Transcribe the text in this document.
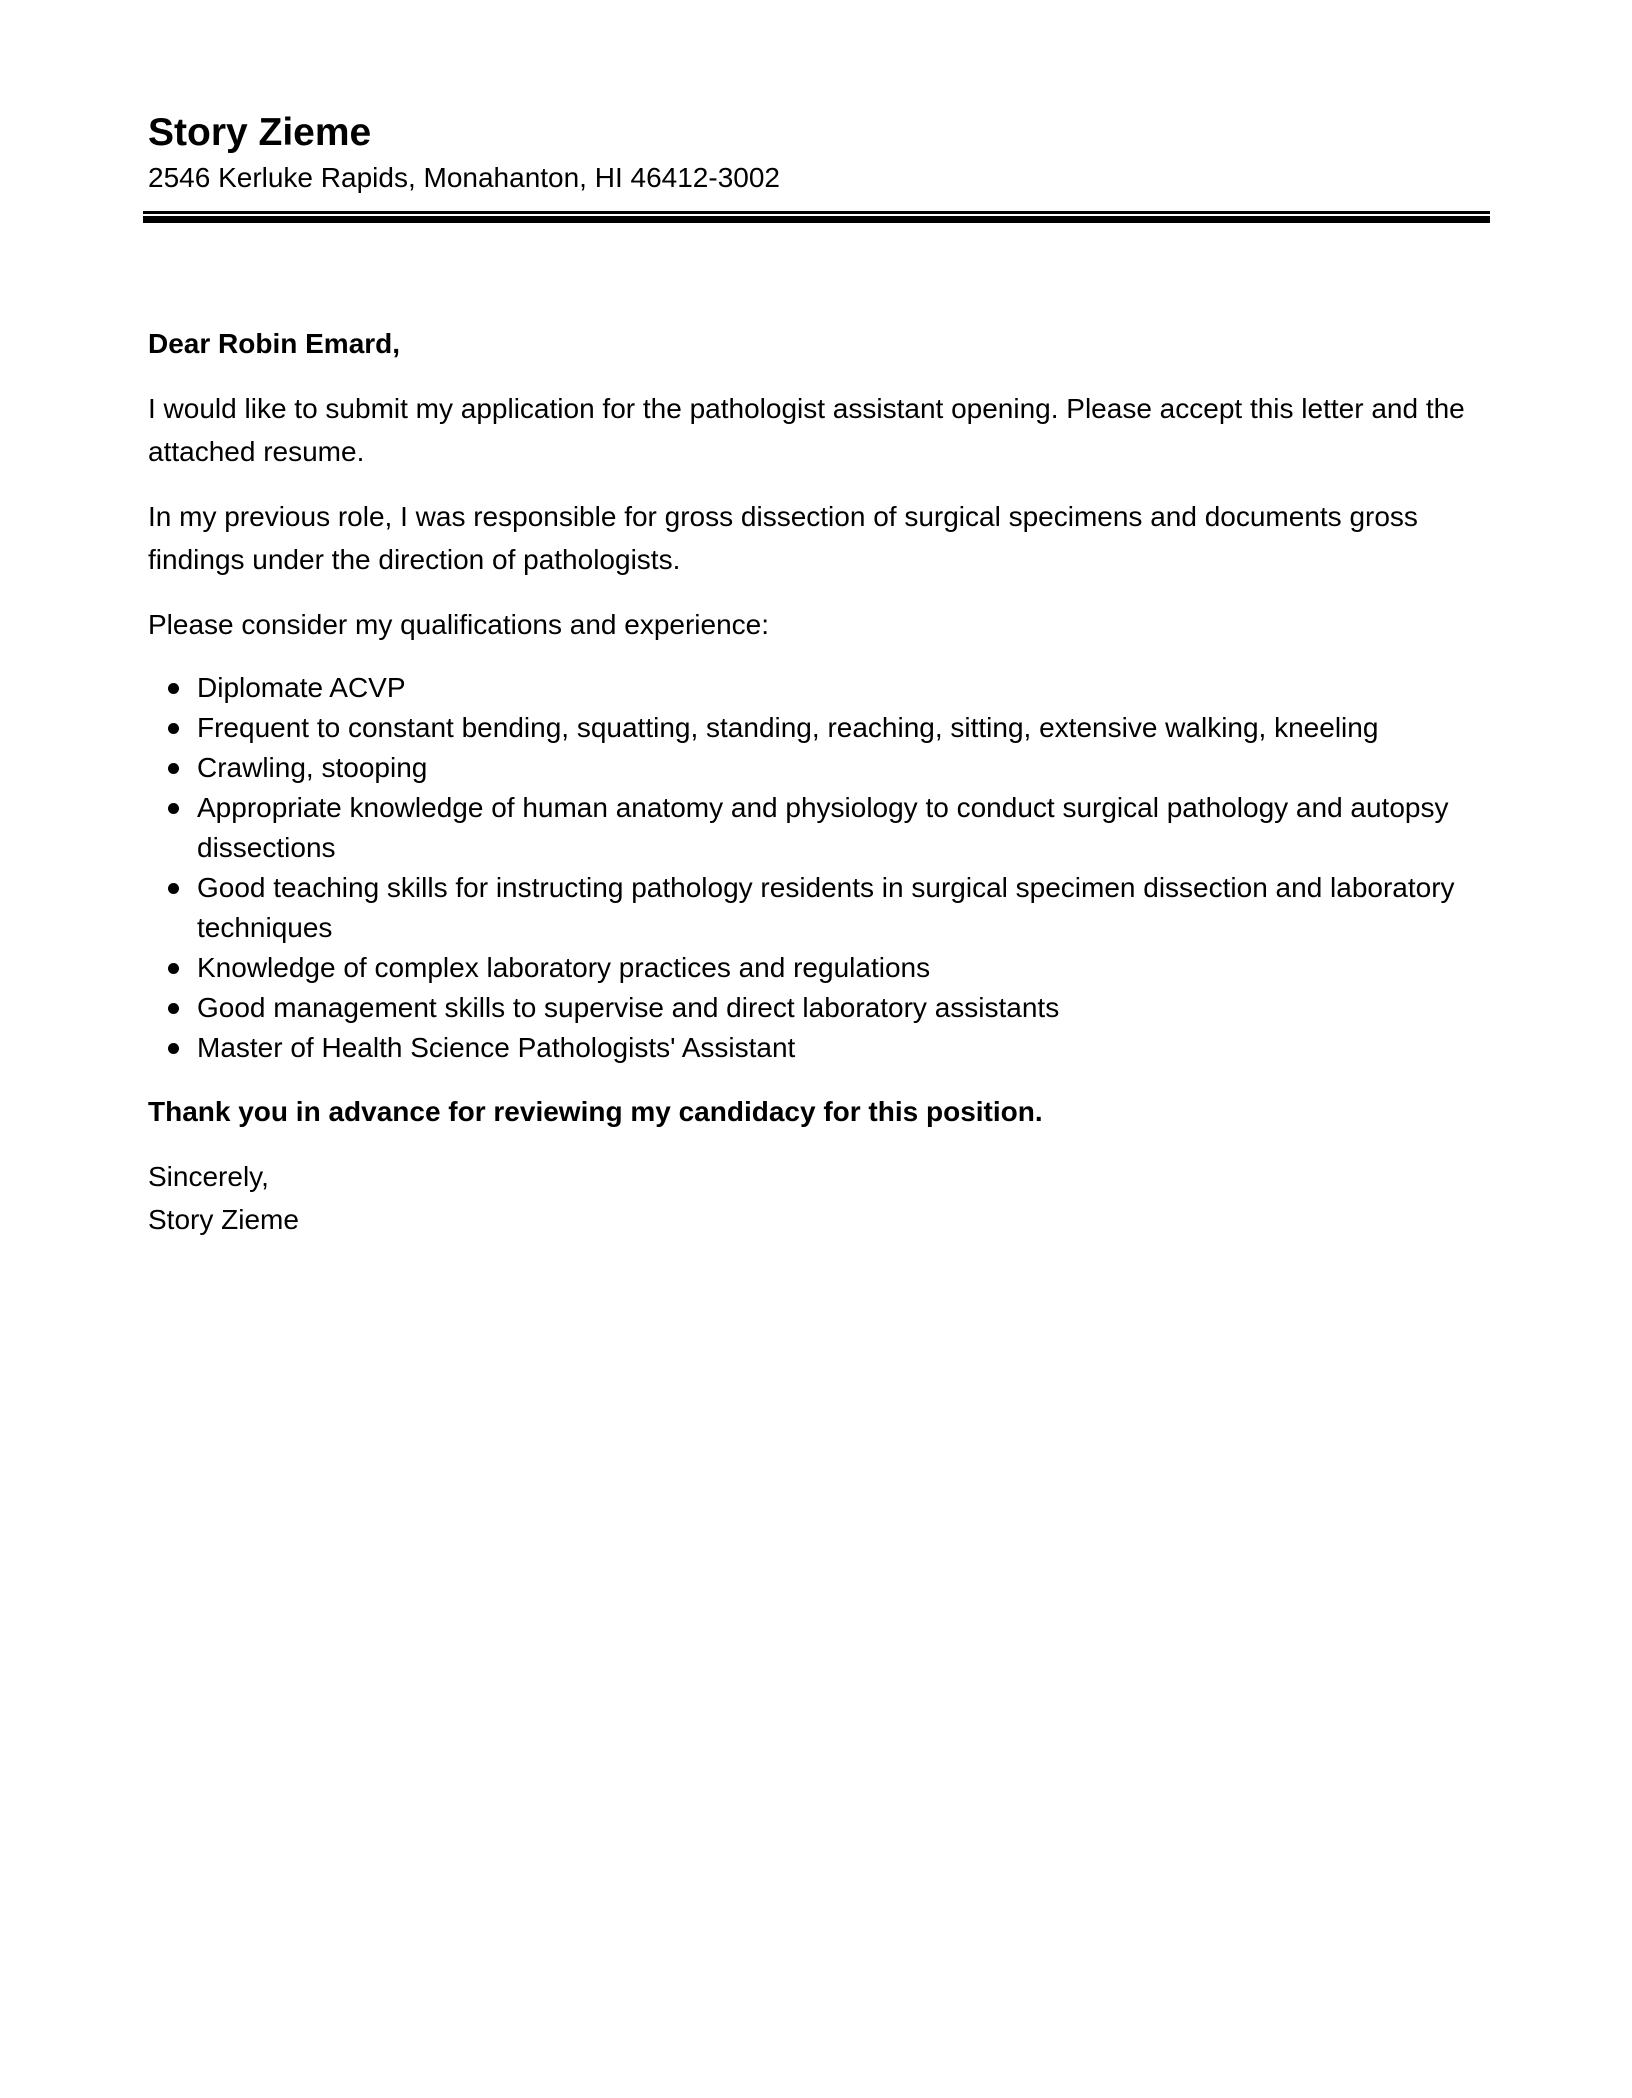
Story Zieme

2546 Kerluke Rapids, Monahanton, HI 46412-3002

Dear Robin Emard,

I would like to submit my application for the pathologist assistant opening. Please accept this letter and the attached resume.

In my previous role, I was responsible for gross dissection of surgical specimens and documents gross findings under the direction of pathologists.

Please consider my qualifications and experience:

Diplomate ACVP
Frequent to constant bending, squatting, standing, reaching, sitting, extensive walking, kneeling
Crawling, stooping
Appropriate knowledge of human anatomy and physiology to conduct surgical pathology and autopsy dissections
Good teaching skills for instructing pathology residents in surgical specimen dissection and laboratory techniques
Knowledge of complex laboratory practices and regulations
Good management skills to supervise and direct laboratory assistants
Master of Health Science Pathologists' Assistant

Thank you in advance for reviewing my candidacy for this position.

Sincerely,

Story Zieme
